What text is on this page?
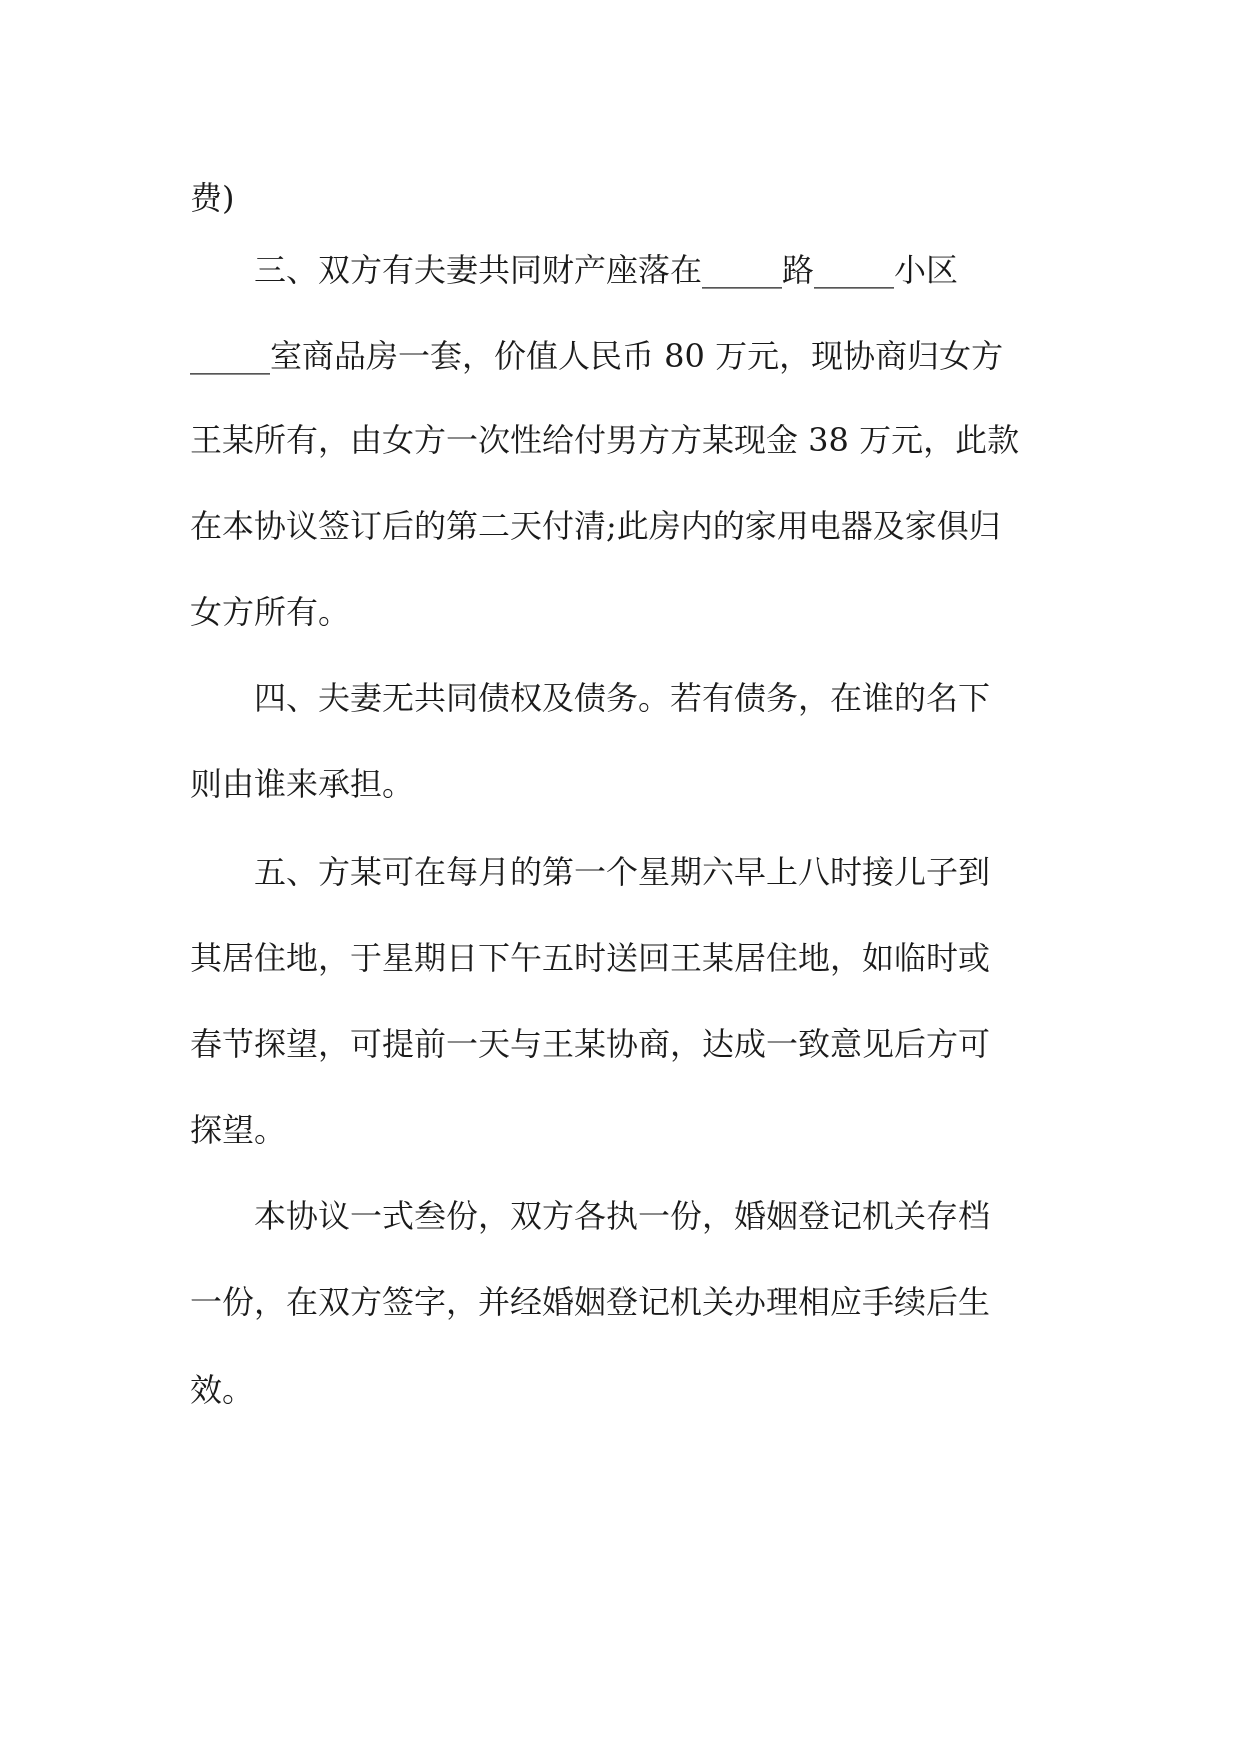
费)

三、双方有夫妻共同财产座落在_____路_____小区

_____室商品房一套，价值人民币 80 万元，现协商归女方

王某所有，由女方一次性给付男方方某现金 38 万元，此款

在本协议签订后的第二天付清;此房内的家用电器及家俱归

女方所有。

四、夫妻无共同债权及债务。若有债务，在谁的名下

则由谁来承担。

五、方某可在每月的第一个星期六早上八时接儿子到

其居住地，于星期日下午五时送回王某居住地，如临时或

春节探望，可提前一天与王某协商，达成一致意见后方可

探望。

本协议一式叁份，双方各执一份，婚姻登记机关存档

一份，在双方签字，并经婚姻登记机关办理相应手续后生

效。
